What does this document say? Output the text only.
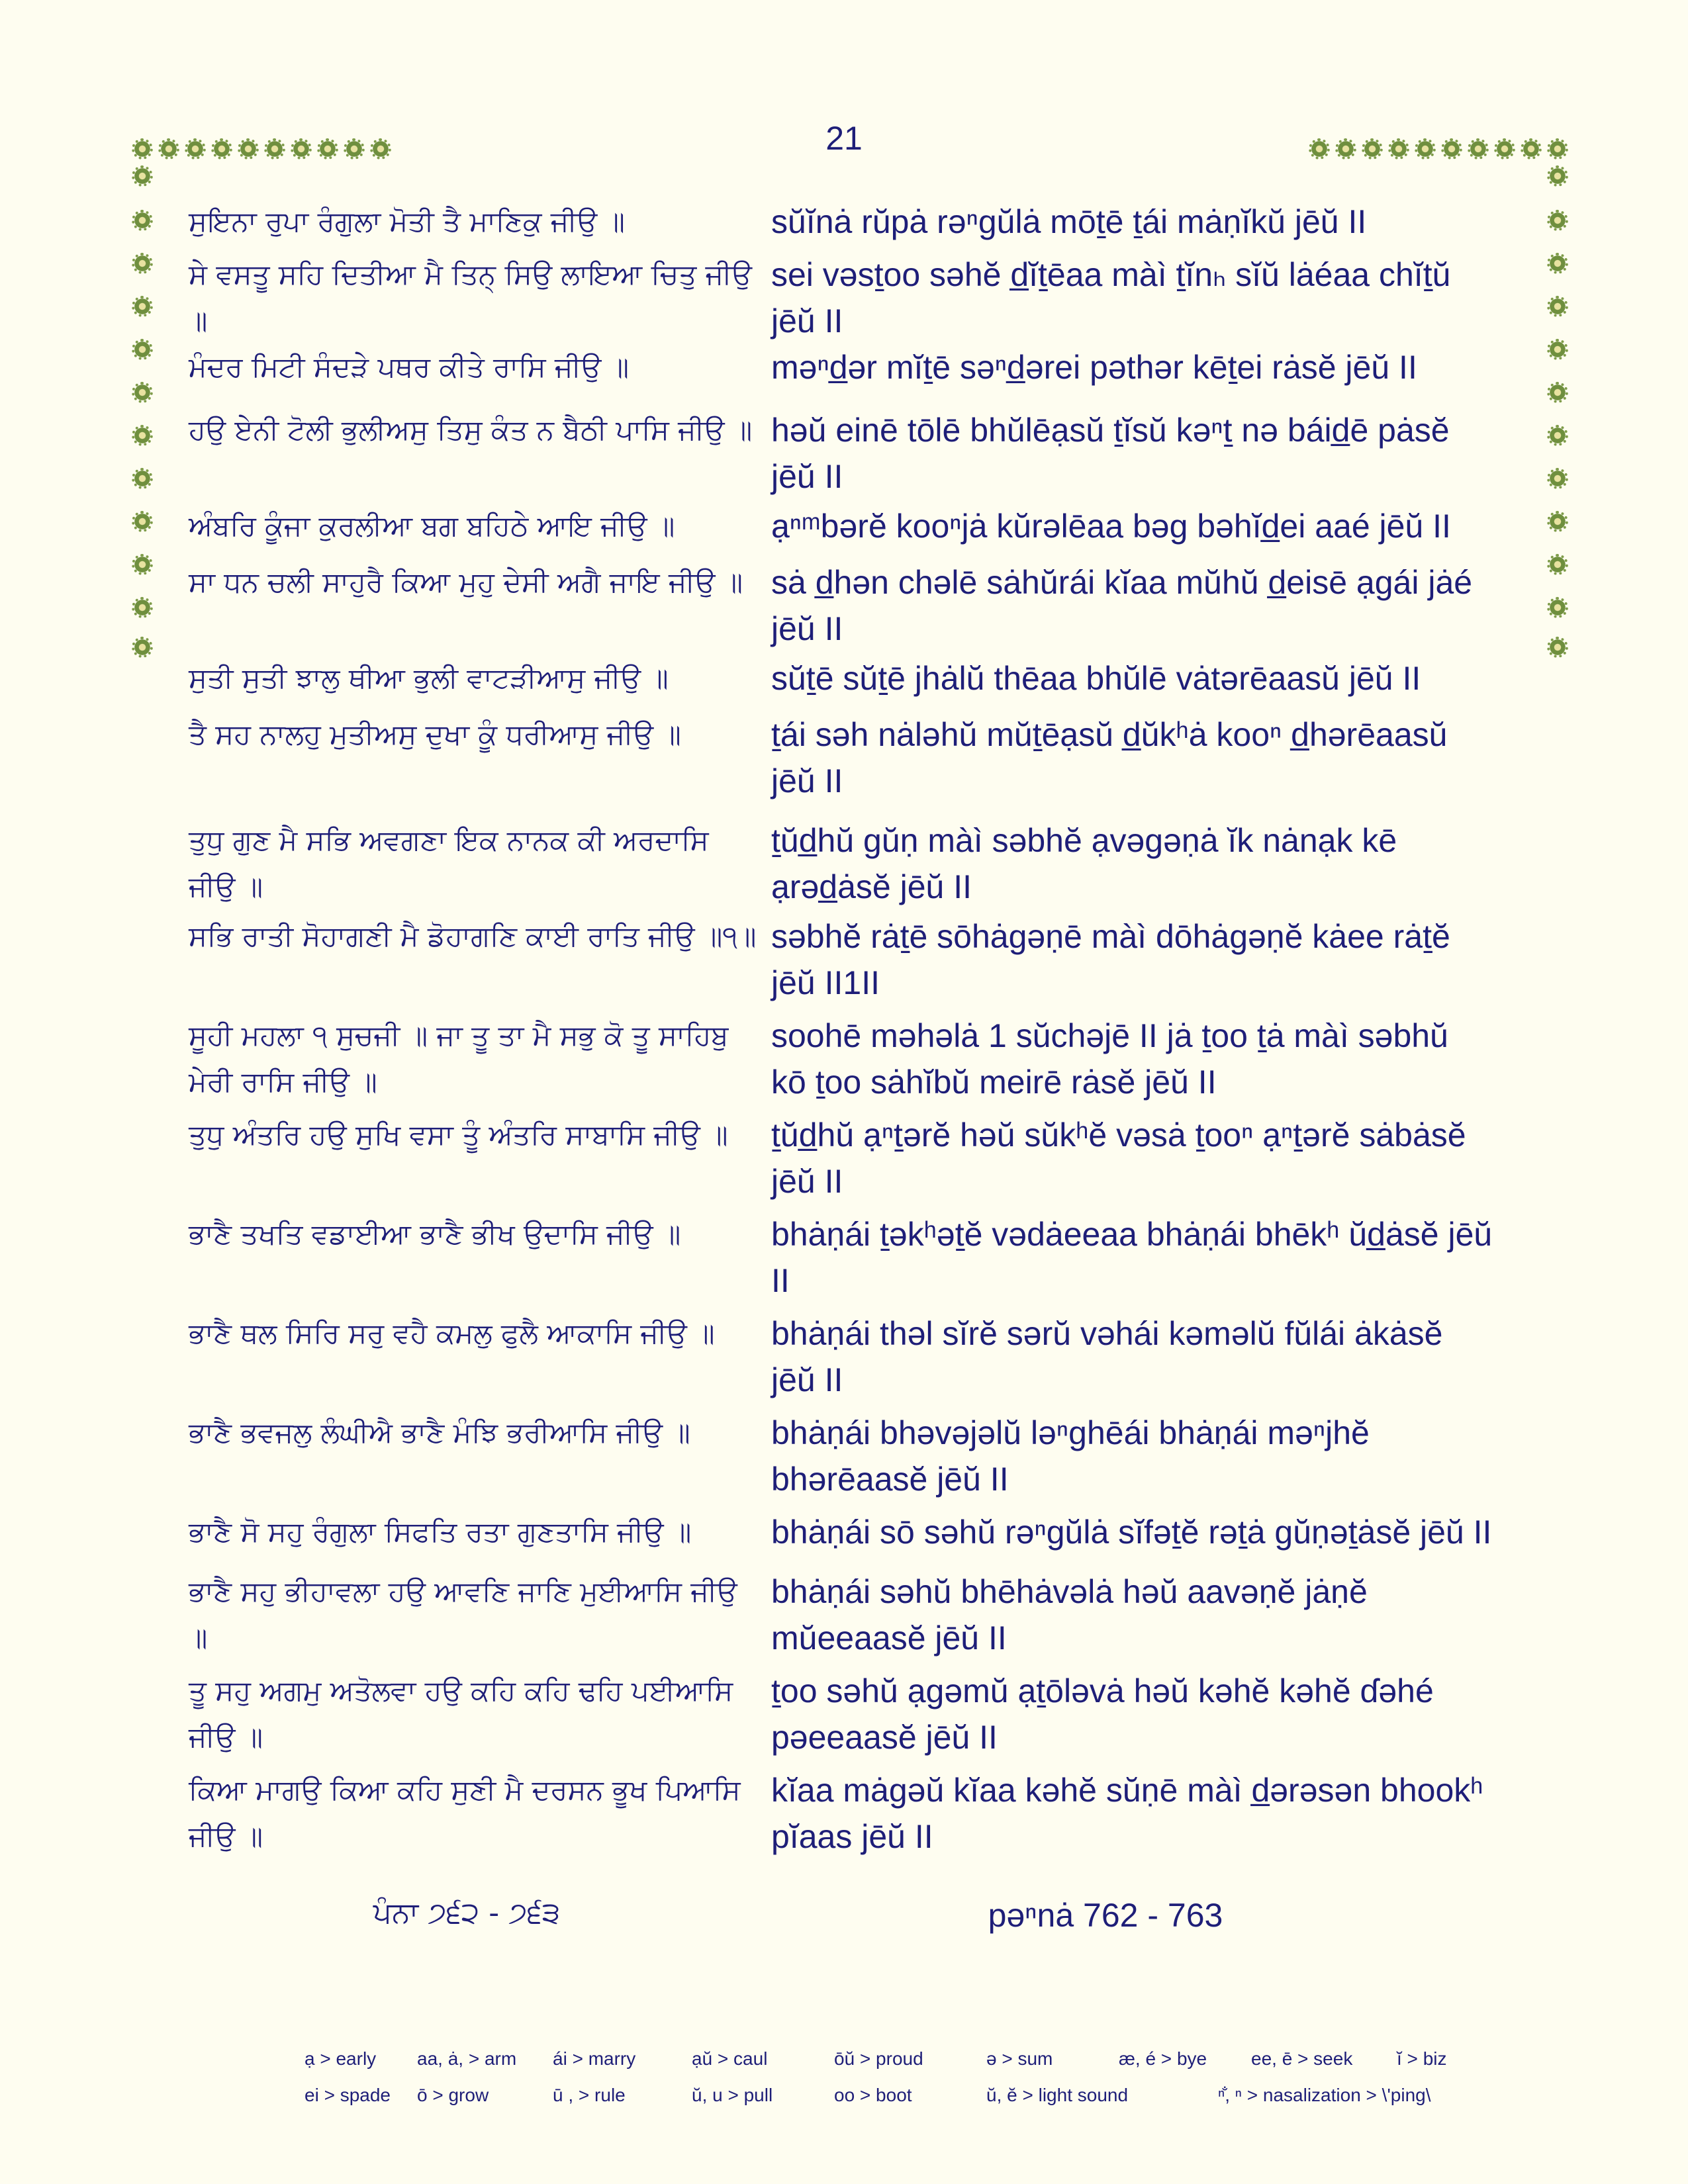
21
ਸੁਇਨਾ ਰੁਪਾ ਰੰਗੁਲਾ ਮੋਤੀ ਤੈ ਮਾਣਿਕੁ ਜੀਉ ॥	sŭĭnȧ rŭpȧ rəⁿgŭlȧ mōṯē ṯái mȧṇĭkŭ jēŭ II
ਸੇ ਵਸਤੂ ਸਹਿ ਦਿਤੀਆ ਮੈ ਤਿਨ੍ ਸਿਉ ਲਾਇਆ ਚਿਤੁ ਜੀਉ ॥
sei vəsṯoo səhĕ d̲ĭṯēaa màì ṯĭnₕ sĭŭ lȧéaa chĭṯŭ
jēŭ II
ਮੰਦਰ ਮਿਟੀ ਸੰਦੜੇ ਪਥਰ ਕੀਤੇ ਰਾਸਿ ਜੀਉ ॥	məⁿd̲ər mĭṯē səⁿd̲ərei pəthər kēṯei rȧsĕ jēŭ II
ਹਉ ਏਨੀ ਟੋਲੀ ਭੁਲੀਅਸੁ ਤਿਸੁ ਕੰਤ ਨ ਬੈਠੀ ਪਾਸਿ ਜੀਉ ॥ həŭ einē tōlē bhŭlēạsŭ ṯĭsŭ kəⁿṯ nə báid̲ē pȧsĕ
jēŭ II
ਅੰਬਰਿ ਕੂੰਜਾ ਕੁਰਲੀਆ ਬਗ ਬਹਿਠੇ ਆਇ ਜੀਉ ॥	ạⁿᵐbərĕ kooⁿjȧ kŭrəlēaa bəg bəhĭd̲ei aaé jēŭ II
ਸਾ ਧਨ ਚਲੀ ਸਾਹੁਰੈ ਕਿਆ ਮੁਹੁ ਦੇਸੀ ਅਗੈ ਜਾਇ ਜੀਉ ॥ sȧ d̲hən chəlē sȧhŭrái kĭaa mŭhŭ d̲eisē ạgái jȧé
jēŭ II
ਸੁਤੀ ਸੁਤੀ ਝਾਲੁ ਥੀਆ ਭੁਲੀ ਵਾਟੜੀਆਸੁ ਜੀਉ ॥	sŭṯē sŭṯē jhȧlŭ thēaa bhŭlē vȧtərēaasŭ jēŭ II
ਤੈ ਸਹ ਨਾਲਹੁ ਮੁਤੀਅਸੁ ਦੁਖਾ ਕੂੰ ਧਰੀਆਸੁ ਜੀਉ ॥	ṯái səh nȧləhŭ mŭṯēạsŭ d̲ŭkʰȧ kooⁿ d̲hərēaasŭ
jēŭ II
ਤੁਧੁ ਗੁਣ ਮੈ ਸਭਿ ਅਵਗਣਾ ਇਕ ਨਾਨਕ ਕੀ ਅਰਦਾਸਿ ਜੀਉ ॥
ṯŭd̲hŭ gŭṇ màì səbhĕ ạvəgəṇȧ ĭk nȧnạk kē
ạrəd̲ȧsĕ jēŭ II
ਸਭਿ ਰਾਤੀ ਸੋਹਾਗਣੀ ਮੈ ਡੋਹਾਗਣਿ ਕਾਈ ਰਾਤਿ ਜੀਉ ॥੧॥ səbhĕ rȧṯē sōhȧgəṇē màì dōhȧgəṇĕ kȧee rȧṯĕ
jēŭ II1II
ਸੂਹੀ ਮਹਲਾ ੧ ਸੁਚਜੀ ॥ ਜਾ ਤੂ ਤਾ ਮੈ ਸਭੁ ਕੋ ਤੂ ਸਾਹਿਬੁ ਮੇਰੀ ਰਾਸਿ ਜੀਉ ॥
soohē məhəlȧ 1 sŭchəjē II jȧ ṯoo ṯȧ màì səbhŭ
kō ṯoo sȧhĭbŭ meirē rȧsĕ jēŭ II
ਤੁਧੁ ਅੰਤਰਿ ਹਉ ਸੁਖਿ ਵਸਾ ਤੂੰ ਅੰਤਰਿ ਸਾਬਾਸਿ ਜੀਉ ॥	ṯŭd̲hŭ ạⁿṯərĕ həŭ sŭkʰĕ vəsȧ ṯooⁿ ạⁿṯərĕ sȧbȧsĕ
jēŭ II
ਭਾਣੈ ਤਖਤਿ ਵਡਾਈਆ ਭਾਣੈ ਭੀਖ ਉਦਾਸਿ ਜੀਉ ॥	bhȧṇái ṯəkʰəṯĕ vədȧeeaa bhȧṇái bhēkʰ ŭd̲ȧsĕ jēŭ
II
ਭਾਣੈ ਥਲ ਸਿਰਿ ਸਰੁ ਵਹੈ ਕਮਲੁ ਫੁਲੈ ਆਕਾਸਿ ਜੀਉ ॥	bhȧṇái thəl sĭrĕ sərŭ vəhái kəməlŭ fŭlái ȧkȧsĕ
jēŭ II
ਭਾਣੈ ਭਵਜਲੁ ਲੰਘੀਐ ਭਾਣੈ ਮੰਝਿ ਭਰੀਆਸਿ ਜੀਉ ॥	bhȧṇái bhəvəjəlŭ ləⁿghēái bhȧṇái məⁿjhĕ
bhərēaasĕ jēŭ II
ਭਾਣੈ ਸੋ ਸਹੁ ਰੰਗੁਲਾ ਸਿਫਤਿ ਰਤਾ ਗੁਣਤਾਸਿ ਜੀਉ ॥	bhȧṇái sō səhŭ rəⁿgŭlȧ sĭfəṯĕ rəṯȧ gŭṇəṯȧsĕ jēŭ II
ਭਾਣੈ ਸਹੁ ਭੀਹਾਵਲਾ ਹਉ ਆਵਣਿ ਜਾਣਿ ਮੁਈਆਸਿ ਜੀਉ ॥
bhȧṇái səhŭ bhēhȧvəlȧ həŭ aavəṇĕ jȧṇĕ
mŭeeaasĕ jēŭ II
ਤੂ ਸਹੁ ਅਗਮੁ ਅਤੋਲਵਾ ਹਉ ਕਹਿ ਕਹਿ ਢਹਿ ਪਈਆਸਿ ਜੀਉ ॥
ṯoo səhŭ ạgəmŭ ạṯōləvȧ həŭ kəhĕ kəhĕ ɗəhé
pəeeaasĕ jēŭ II
ਕਿਆ ਮਾਗਉ ਕਿਆ ਕਹਿ ਸੁਣੀ ਮੈ ਦਰਸਨ ਭੂਖ ਪਿਆਸਿ ਜੀਉ ॥
kĭaa mȧgəŭ kĭaa kəhĕ sŭṇē màì d̲ərəsən bhookʰ
pĭaas jēŭ II
ਪੰਨਾ ੭੬੨ - ੭੬੩	pəⁿnȧ 762 - 763
ạ > early aa, ȧ, > arm ái > marry	ạŭ > caul	ōŭ > proud	ə > sum	æ, é > bye ee, ē > seek ĭ > biz
ei > spade ō > grow	ū , > rule	ŭ, u > pull	oo > boot	ŭ, ĕ > light sound	ⁿ̐, ⁿ > nasalization > \'ping\
